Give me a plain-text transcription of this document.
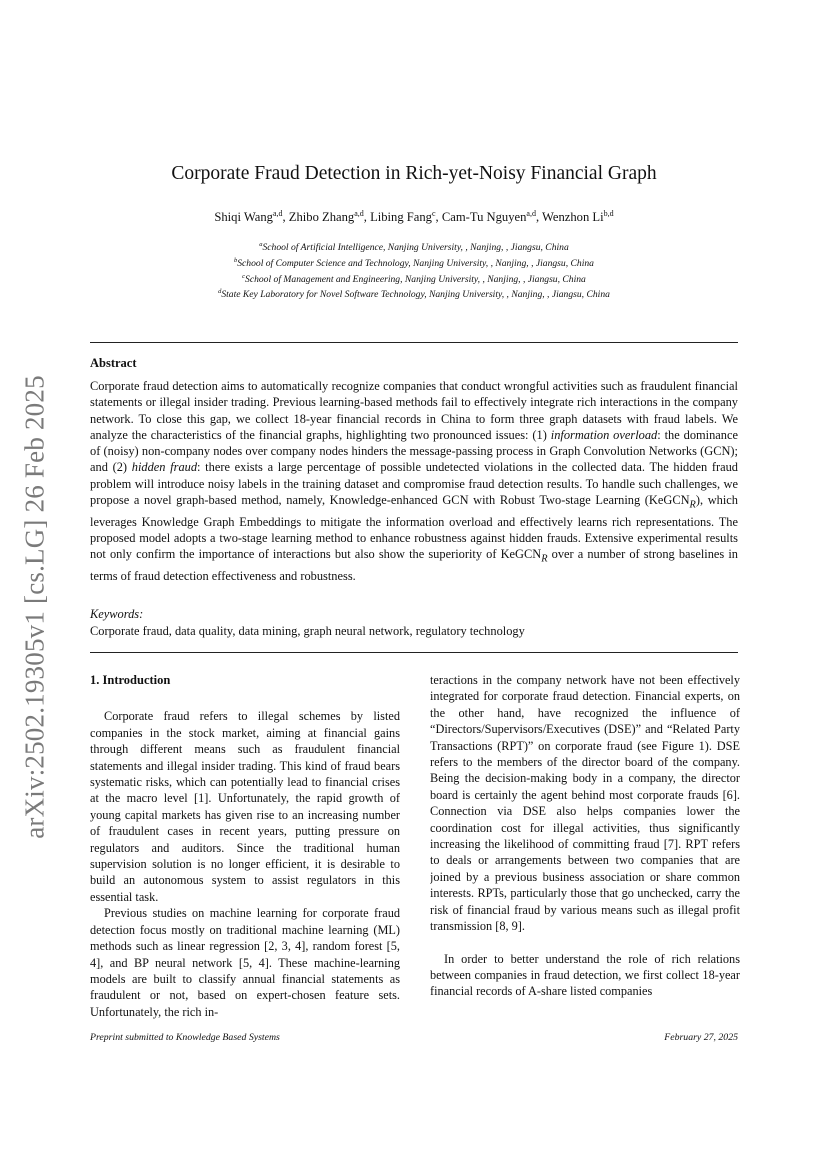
arXiv:2502.19305v1 [cs.LG] 26 Feb 2025
Corporate Fraud Detection in Rich-yet-Noisy Financial Graph
Shiqi Wang$^{a,d}$, Zhibo Zhang$^{a,d}$, Libing Fang$^c$, Cam-Tu Nguyen$^{a,d}$, Wenzhon Li$^{b,d}$
$^a$School of Artificial Intelligence, Nanjing University, , Nanjing, , Jiangsu, China
$^b$School of Computer Science and Technology, Nanjing University, , Nanjing, , Jiangsu, China
$^c$School of Management and Engineering, Nanjing University, , Nanjing, , Jiangsu, China
$^d$State Key Laboratory for Novel Software Technology, Nanjing University, , Nanjing, , Jiangsu, China
Abstract

Corporate fraud detection aims to automatically recognize companies that conduct wrongful activities such as fraudulent financial statements or illegal insider trading. Previous learning-based methods fail to effectively integrate rich interactions in the company network. To close this gap, we collect 18-year financial records in China to form three graph datasets with fraud labels. We analyze the characteristics of the financial graphs, highlighting two pronounced issues: (1) information overload: the dominance of (noisy) non-company nodes over company nodes hinders the message-passing process in Graph Convolution Networks (GCN); and (2) hidden fraud: there exists a large percentage of possible undetected violations in the collected data. The hidden fraud problem will introduce noisy labels in the training dataset and compromise fraud detection results. To handle such challenges, we propose a novel graph-based method, namely, Knowledge-enhanced GCN with Robust Two-stage Learning (KeGCN$_R$), which leverages Knowledge Graph Embeddings to mitigate the information overload and effectively learns rich representations. The proposed model adopts a two-stage learning method to enhance robustness against hidden frauds. Extensive experimental results not only confirm the importance of interactions but also show the superiority of KeGCN$_R$ over a number of strong baselines in terms of fraud detection effectiveness and robustness.

Keywords:
Corporate fraud, data quality, data mining, graph neural network, regulatory technology
1. Introduction

Corporate fraud refers to illegal schemes by listed companies in the stock market, aiming at financial gains through different means such as fraudulent financial statements and illegal insider trading. This kind of fraud bears systematic risks, which can potentially lead to financial crises at the macro level [1]. Unfortunately, the rapid growth of young capital markets has given rise to an increasing number of fraudulent cases in recent years, putting pressure on regulators and auditors. Since the traditional human supervision solution is no longer efficient, it is desirable to build an autonomous system to assist regulators in this essential task.

Previous studies on machine learning for corporate fraud detection focus mostly on traditional machine learning (ML) methods such as linear regression [2, 3, 4], random forest [5, 4], and BP neural network [5, 4]. These machine-learning models are built to classify annual financial statements as fraudulent or not, based on expert-chosen feature sets. Unfortunately, the rich in-

teractions in the company network have not been effectively integrated for corporate fraud detection. Financial experts, on the other hand, have recognized the influence of “Directors/Supervisors/Executives (DSE)” and “Related Party Transactions (RPT)” on corporate fraud (see Figure 1). DSE refers to the members of the director board of the company. Being the decision-making body in a company, the director board is certainly the agent behind most corporate frauds [6]. Connection via DSE also helps companies lower the coordination cost for illegal activities, thus significantly increasing the likelihood of committing fraud [7]. RPT refers to deals or arrangements between two companies that are joined by a previous business association or share common interests. RPTs, particularly those that go unchecked, carry the risk of financial fraud by various means such as illegal profit transmission [8, 9].

In order to better understand the role of rich relations between companies in fraud detection, we first collect 18-year financial records of A-share listed companies

Preprint submitted to Knowledge Based Systems	February 27, 2025
